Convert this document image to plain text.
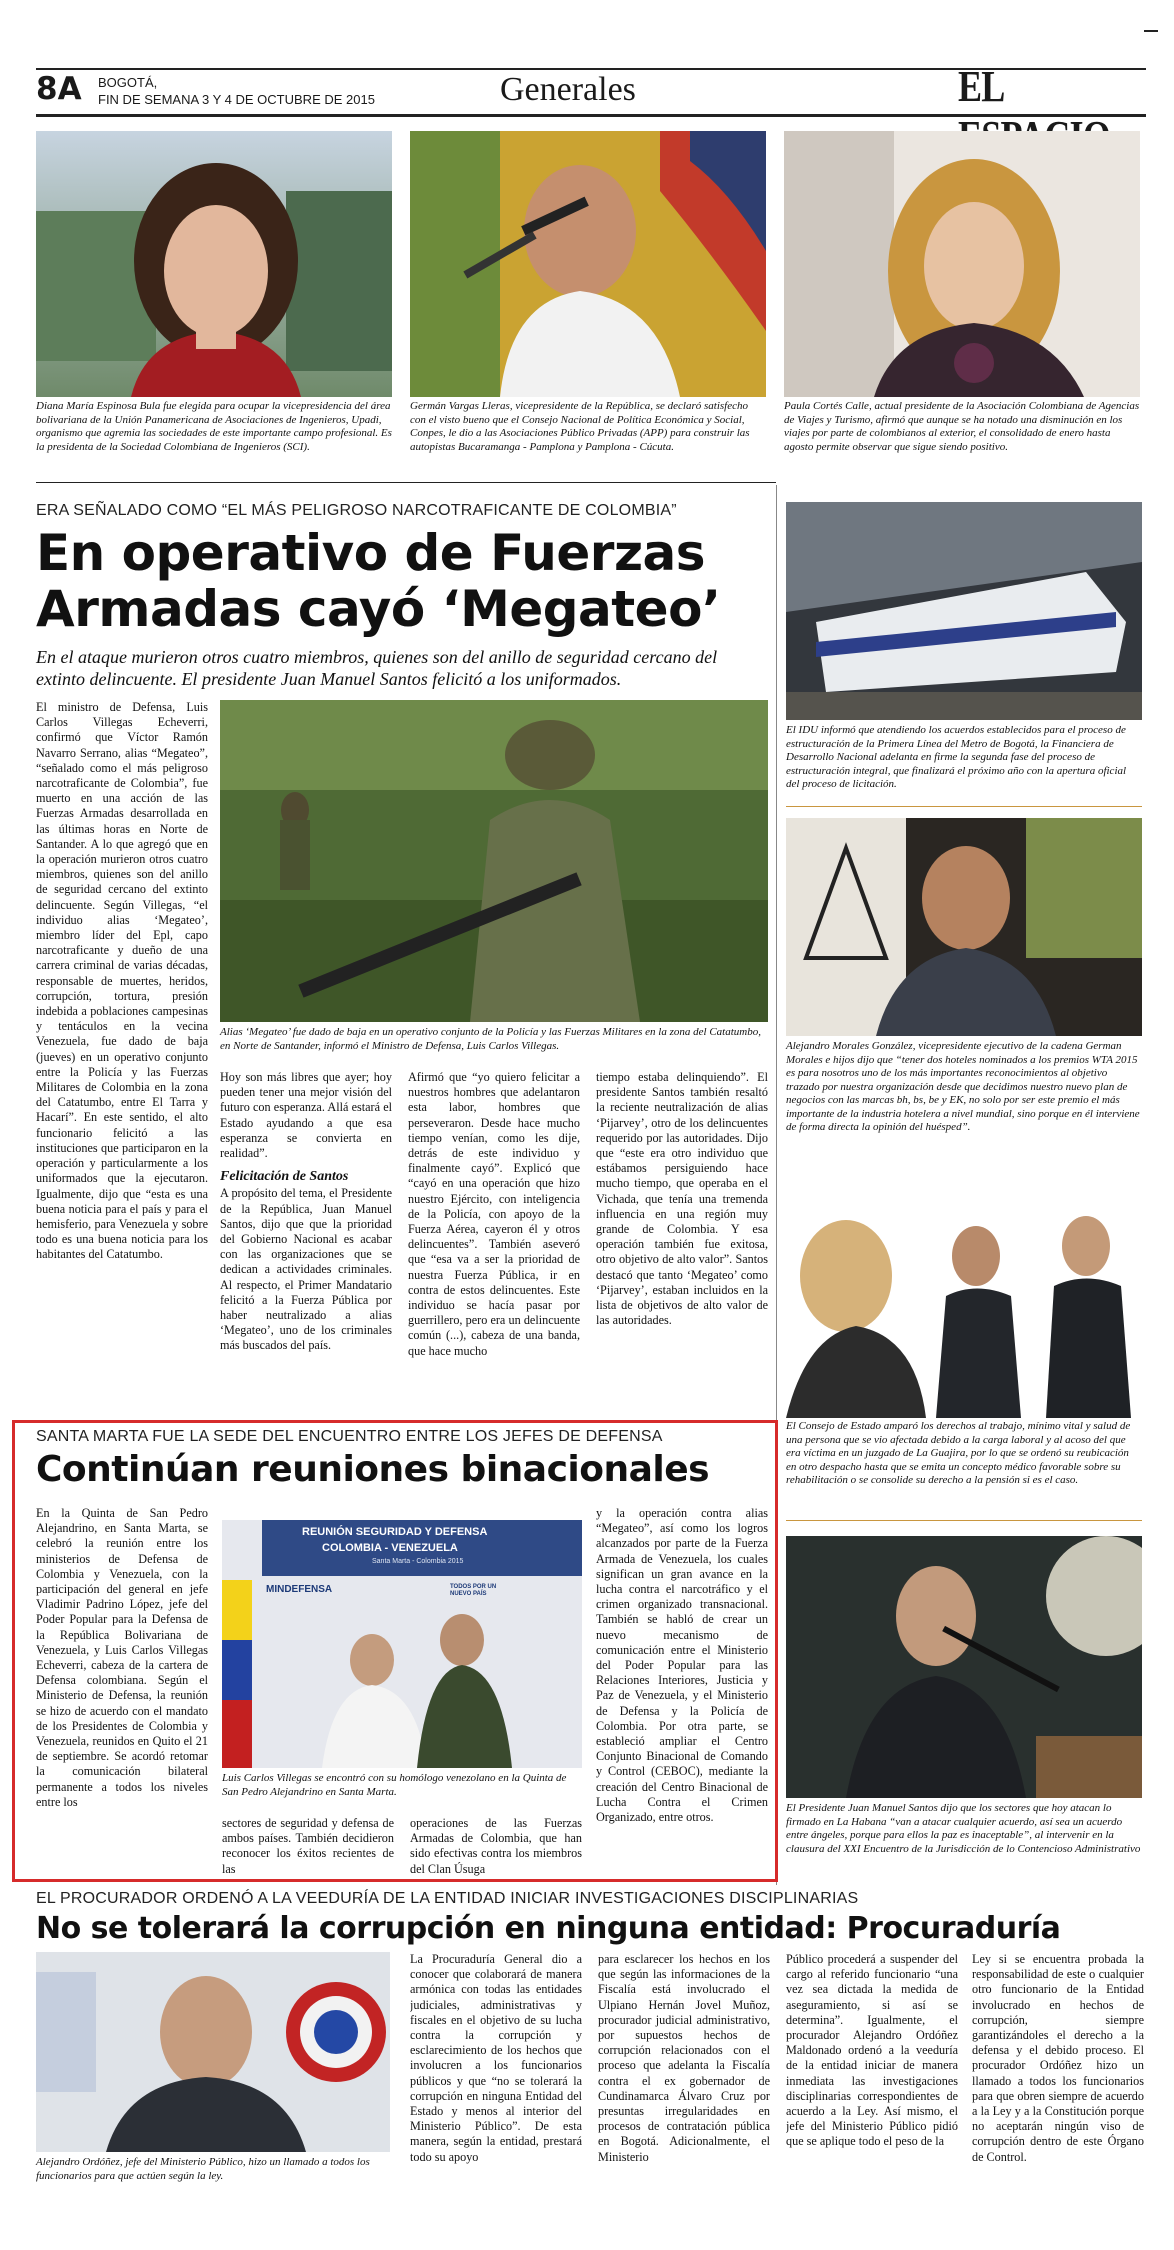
8A BOGOTÁ,
FIN DE SEMANA 3 Y 4 DE OCTUBRE DE 2015	Generales	EL
Diana María Espinosa Bula fue elegida para ocupar la vicepresidencia del área bolivariana de la Unión Panamericana de Asociaciones de Ingenieros, Upadi, organismo que agremia las sociedades de este importante campo profesional. Es la presidenta de la Sociedad Colombiana de Ingenieros (SCI).
Germán Vargas Lleras, vicepresidente de la República, se declaró satisfecho con el visto bueno que el Consejo Nacional de Política Económica y Social, Conpes, le dio a las Asociaciones Público Privadas (APP) para construir las autopistas Bucaramanga - Pamplona y Pamplona - Cúcuta.
Paula Cortés Calle, actual presidente de la Asociación Colombiana de Agencias de Viajes y Turismo, afirmó que aunque se ha notado una disminución en los viajes por parte de colombianos al exterior, el consolidado de enero hasta agosto permite observar que sigue siendo positivo.
ERA SEÑALADO COMO “EL MÁS PELIGROSO NARCOTRAFICANTE DE COLOMBIA”
En operativo de Fuerzas
Armadas cayó ‘Megateo’
En el ataque murieron otros cuatro miembros, quienes son del anillo de seguridad cercano del extinto delincuente. El presidente Juan Manuel Santos felicitó a los uniformados.

El ministro de Defensa, Luis Carlos Villegas Echeverri, confirmó que Víctor Ramón Navarro Serrano, alias “Megateo”, “señalado como el más peligroso narcotraficante de Colombia”, fue muerto en una acción de las Fuerzas Armadas desarrollada en las últimas horas en Norte de Santander. A lo que agregó que en la operación murieron otros cuatro miembros, quienes son del anillo de seguridad cercano del extinto delincuente. Según Villegas, “el individuo alias ‘Megateo’, miembro líder del Epl, capo narcotraficante y dueño de una carrera criminal de varias décadas, responsable de muertes, heridos, corrupción, tortura, presión indebida a poblaciones campesinas y tentáculos en la vecina Venezuela, fue dado de baja (jueves) en un operativo conjunto entre la Policía y las Fuerzas Militares de Colombia en la zona del Catatumbo, entre El Tarra y Hacarí”. En este sentido, el alto funcionario felicitó a las instituciones que participaron en la operación y particularmente a los uniformados que la ejecutaron. Igualmente, dijo que “esta es una buena noticia para el país y para el hemisferio, para Venezuela y sobre todo es una buena noticia para los habitantes del Catatumbo.

Alias ‘Megateo’ fue dado de baja en un operativo conjunto de la Policía y las Fuerzas Militares en la zona del Catatumbo, en Norte de Santander, informó el Ministro de Defensa, Luis Carlos Villegas.

Hoy son más libres que ayer; hoy pueden tener una mejor visión del futuro con esperanza. Allá estará el Estado ayudando a que esa esperanza se convierta en realidad”.

Felicitación de Santos

A propósito del tema, el Presidente de la República, Juan Manuel Santos, dijo que que la prioridad del Gobierno Nacional es acabar con las organizaciones que se dedican a actividades criminales. Al respecto, el Primer Mandatario felicitó a la Fuerza Pública por haber neutralizado a alias ‘Megateo’, uno de los criminales más buscados del país.

Afirmó que “yo quiero felicitar a nuestros hombres que adelantaron esta labor, hombres que perseveraron. Desde hace mucho tiempo venían, como les dije, detrás de este individuo y finalmente cayó”. Explicó que “cayó en una operación que hizo nuestro Ejército, con inteligencia de la Policía, con apoyo de la Fuerza Aérea, cayeron él y otros delincuentes”. También aseveró que “esa va a ser la prioridad de nuestra Fuerza Pública, ir en contra de estos delincuentes. Este individuo se hacía pasar por guerrillero, pero era un delincuente común (...), cabeza de una banda, que hace mucho

tiempo estaba delinquiendo”. El presidente Santos también resaltó la reciente neutralización de alias ‘Pijarvey’, otro de los delincuentes requerido por las autoridades. Dijo que “este era otro individuo que estábamos persiguiendo hace mucho tiempo, que operaba en el Vichada, que tenía una tremenda influencia en una región muy grande de Colombia. Y esa operación también fue exitosa, otro objetivo de alto valor”. Santos destacó que tanto ‘Megateo’ como ‘Pijarvey’, estaban incluidos en la lista de objetivos de alto valor de las autoridades.

El IDU informó que atendiendo los acuerdos establecidos para el proceso de estructuración de la Primera Línea del Metro de Bogotá, la Financiera de Desarrollo Nacional adelanta en firme la segunda fase del proceso de estructuración integral, que finalizará el próximo año con la apertura oficial del proceso de licitación.
Alejandro Morales González, vicepresidente ejecutivo de la cadena German Morales e hijos dijo que “tener dos hoteles nominados a los premios WTA 2015 es para nosotros uno de los más importantes reconocimientos al objetivo trazado por nuestra organización desde que decidimos nuestro nuevo plan de negocios con las marcas bh, bs, be y EK, no solo por ser este premio el más importante de la industria hotelera a nivel mundial, sino porque en él interviene de forma directa la opinión del huésped”.
El Consejo de Estado amparó los derechos al trabajo, mínimo vital y salud de una persona que se vio afectada debido a la carga laboral y al acoso del que era víctima en un juzgado de La Guajira, por lo que se ordenó su reubicación en otro despacho hasta que se emita un concepto médico favorable sobre su rehabilitación o se consolide su derecho a la pensión si es el caso.
El Presidente Juan Manuel Santos dijo que los sectores que hoy atacan lo firmado en La Habana “van a atacar cualquier acuerdo, así sea un acuerdo entre ángeles, porque para ellos la paz es inaceptable”, al intervenir en la clausura del XXI Encuentro de la Jurisdicción de lo Contencioso Administrativo
SANTA MARTA FUE LA SEDE DEL ENCUENTRO ENTRE LOS JEFES DE DEFENSA
Continúan reuniones binacionales

En la Quinta de San Pedro Alejandrino, en Santa Marta, se celebró la reunión entre los ministerios de Defensa de Colombia y Venezuela, con la participación del general en jefe Vladimir Padrino López, jefe del Poder Popular para la Defensa de la República Bolivariana de Venezuela, y Luis Carlos Villegas Echeverri, cabeza de la cartera de Defensa colombiana. Según el Ministerio de Defensa, la reunión se hizo de acuerdo con el mandato de los Presidentes de Colombia y Venezuela, reunidos en Quito el 21 de septiembre. Se acordó retomar la comunicación bilateral permanente a todos los niveles entre los

REUNIÓN SEGURIDAD Y DEFENSA
COLOMBIA - VENEZUELA
Santa Marta - Colombia 2015
MINDEFENSA	TODOS POR UN NUEVO PAÍS
Luis Carlos Villegas se encontró con su homólogo venezolano en la Quinta de San Pedro Alejandrino en Santa Marta.

sectores de seguridad y defensa de ambos países. También decidieron reconocer los éxitos recientes de las

operaciones de las Fuerzas Armadas de Colombia, que han sido efectivas contra los miembros del Clan Úsuga

y la operación contra alias “Megateo”, así como los logros alcanzados por parte de la Fuerza Armada de Venezuela, los cuales significan un gran avance en la lucha contra el narcotráfico y el crimen organizado transnacional. También se habló de crear un nuevo mecanismo de comunicación entre el Ministerio del Poder Popular para las Relaciones Interiores, Justicia y Paz de Venezuela, y el Ministerio de Defensa y la Policía de Colombia. Por otra parte, se estableció ampliar el Centro Conjunto Binacional de Comando y Control (CEBOC), mediante la creación del Centro Binacional de Lucha Contra el Crimen Organizado, entre otros.

EL PROCURADOR ORDENÓ A LA VEEDURÍA DE LA ENTIDAD INICIAR INVESTIGACIONES DISCIPLINARIAS
No se tolerará la corrupción en ninguna entidad: Procuraduría
Alejandro Ordóñez, jefe del Ministerio Público, hizo un llamado a todos los funcionarios para que actúen según la ley.

La Procuraduría General dio a conocer que colaborará de manera armónica con todas las entidades judiciales, administrativas y fiscales en el objetivo de su lucha contra la corrupción y esclarecimiento de los hechos que involucren a los funcionarios públicos y que “no se tolerará la corrupción en ninguna Entidad del Estado y menos al interior del Ministerio Público”. De esta manera, según la entidad, prestará todo su apoyo

para esclarecer los hechos en los que según las informaciones de la Fiscalía está involucrado el Ulpiano Hernán Jovel Muñoz, procurador judicial administrativo, por supuestos hechos de corrupción relacionados con el proceso que adelanta la Fiscalía contra el ex gobernador de Cundinamarca Álvaro Cruz por presuntas irregularidades en procesos de contratación pública en Bogotá. Adicionalmente, el Ministerio

Público procederá a suspender del cargo al referido funcionario “una vez sea dictada la medida de aseguramiento, si así se determina”. Igualmente, el procurador Alejandro Ordóñez Maldonado ordenó a la veeduría de la entidad iniciar de manera inmediata las investigaciones disciplinarias correspondientes de acuerdo a la Ley. Así mismo, el jefe del Ministerio Público pidió que se aplique todo el peso de la

Ley si se encuentra probada la responsabilidad de este o cualquier otro funcionario de la Entidad involucrado en hechos de corrupción, siempre garantizándoles el derecho a la defensa y el debido proceso. El procurador Ordóñez hizo un llamado a todos los funcionarios para que obren siempre de acuerdo a la Ley y a la Constitución porque no aceptarán ningún viso de corrupción dentro de este Órgano de Control.
